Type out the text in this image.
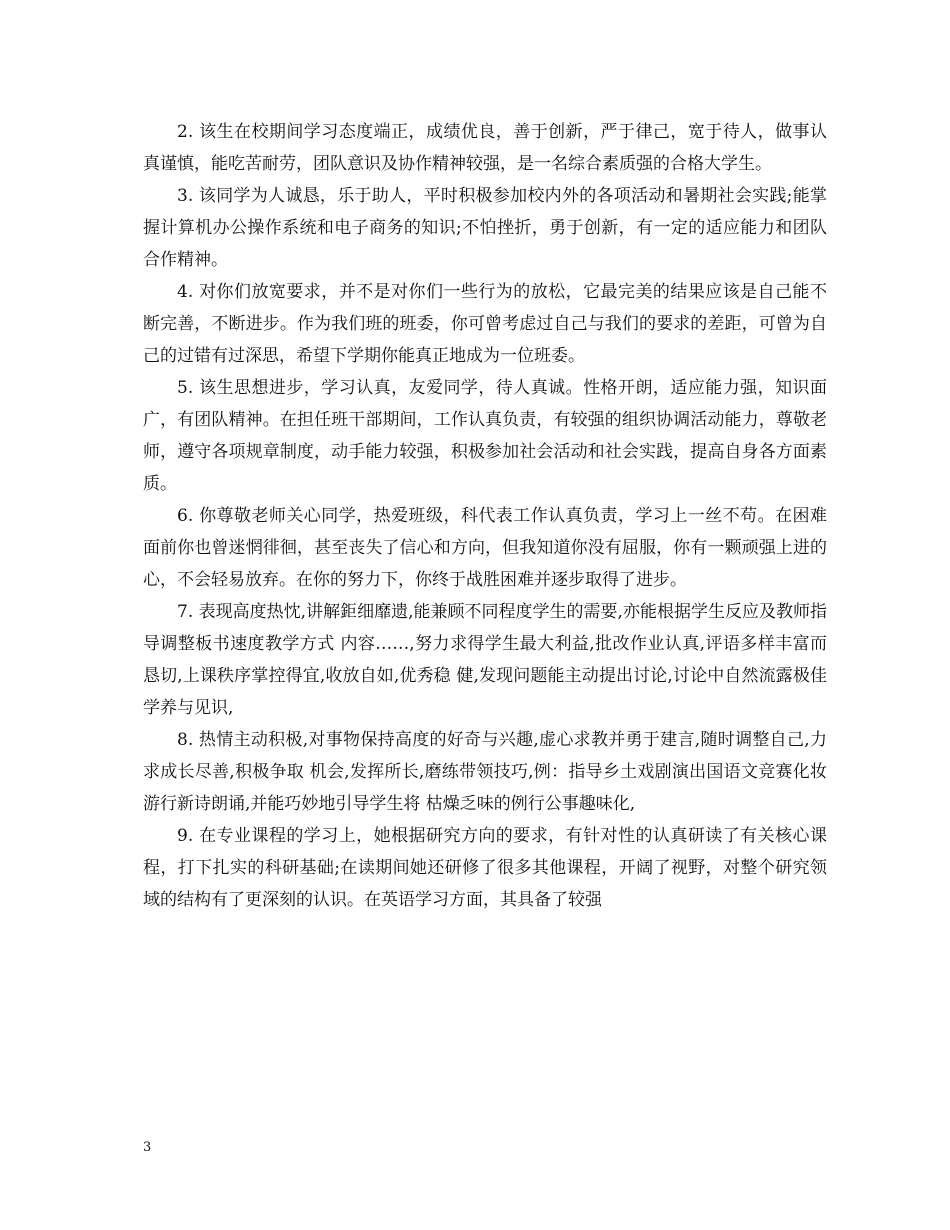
2. 该生在校期间学习态度端正，成绩优良，善于创新，严于律己，宽于待人，做事认真谨慎，能吃苦耐劳，团队意识及协作精神较强，是一名综合素质强的合格大学生。

3. 该同学为人诚恳，乐于助人，平时积极参加校内外的各项活动和暑期社会实践;能掌握计算机办公操作系统和电子商务的知识;不怕挫折，勇于创新，有一定的适应能力和团队合作精神。

4. 对你们放宽要求，并不是对你们一些行为的放松，它最完美的结果应该是自己能不断完善，不断进步。作为我们班的班委，你可曾考虑过自己与我们的要求的差距，可曾为自己的过错有过深思，希望下学期你能真正地成为一位班委。

5. 该生思想进步，学习认真，友爱同学，待人真诚。性格开朗，适应能力强，知识面广，有团队精神。在担任班干部期间，工作认真负责，有较强的组织协调活动能力，尊敬老师，遵守各项规章制度，动手能力较强，积极参加社会活动和社会实践，提高自身各方面素质。

6. 你尊敬老师关心同学，热爱班级，科代表工作认真负责，学习上一丝不苟。在困难面前你也曾迷惘徘徊，甚至丧失了信心和方向，但我知道你没有屈服，你有一颗顽强上进的心，不会轻易放弃。在你的努力下，你终于战胜困难并逐步取得了进步。

7. 表现高度热忱,讲解鉅细靡遗,能兼顾不同程度学生的需要,亦能根据学生反应及教师指导调整板书速度教学方式 内容……,努力求得学生最大利益,批改作业认真,评语多样丰富而恳切,上课秩序掌控得宜,收放自如,优秀稳 健,发现问题能主动提出讨论,讨论中自然流露极佳学养与见识,

8. 热情主动积极,对事物保持高度的好奇与兴趣,虚心求教并勇于建言,随时调整自己,力求成长尽善,积极争取 机会,发挥所长,磨练带领技巧,例：指导乡土戏剧演出国语文竞赛化妆游行新诗朗诵,并能巧妙地引导学生将 枯燥乏味的例行公事趣味化,

9. 在专业课程的学习上，她根据研究方向的要求，有针对性的认真研读了有关核心课程，打下扎实的科研基础;在读期间她还研修了很多其他课程，开阔了视野，对整个研究领域的结构有了更深刻的认识。在英语学习方面，其具备了较强

3
